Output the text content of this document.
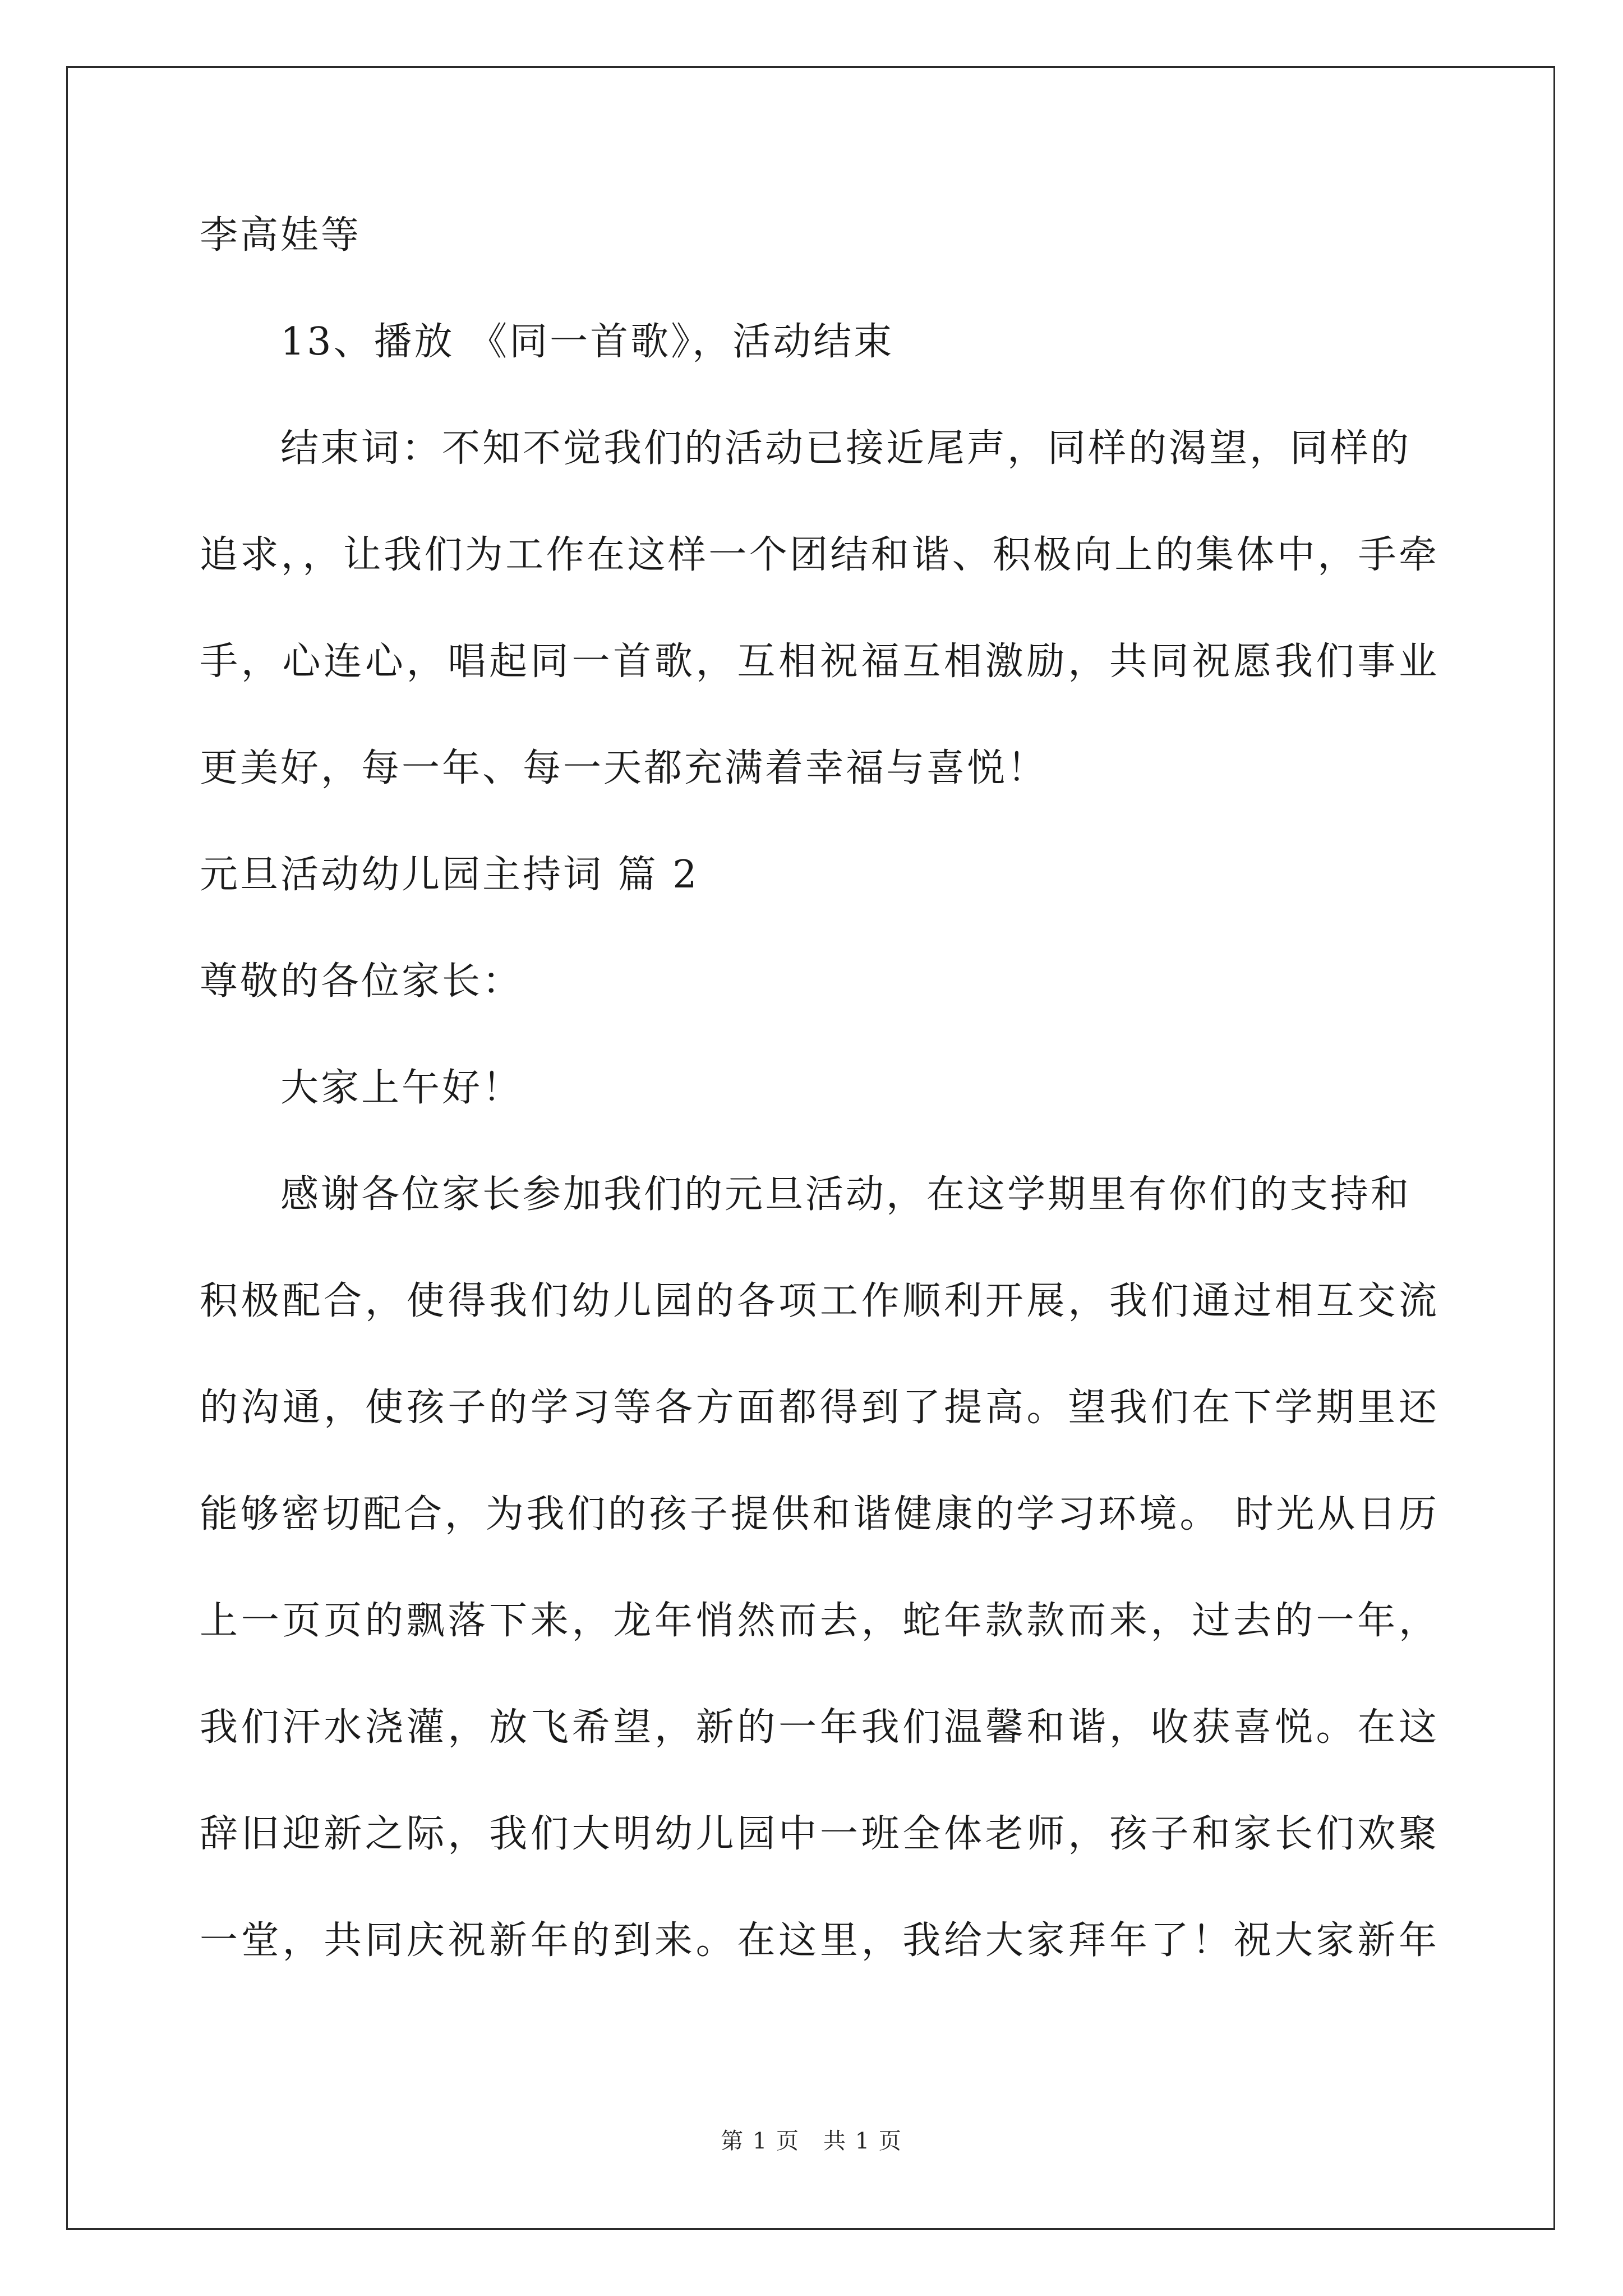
李高娃等
13、播放 《同一首歌》，活动结束
结束词：不知不觉我们的活动已接近尾声，同样的渴望，同样的
追求，，让我们为工作在这样一个团结和谐、积极向上的集体中，手牵
手，心连心，唱起同一首歌，互相祝福互相激励，共同祝愿我们事业
更美好，每一年、每一天都充满着幸福与喜悦！
元旦活动幼儿园主持词 篇 2
尊敬的各位家长：
大家上午好！
感谢各位家长参加我们的元旦活动，在这学期里有你们的支持和
积极配合，使得我们幼儿园的各项工作顺利开展，我们通过相互交流
的沟通，使孩子的学习等各方面都得到了提高。望我们在下学期里还
能够密切配合，为我们的孩子提供和谐健康的学习环境。 时光从日历
上一页页的飘落下来，龙年悄然而去，蛇年款款而来，过去的一年，
我们汗水浇灌，放飞希望，新的一年我们温馨和谐，收获喜悦。在这
辞旧迎新之际，我们大明幼儿园中一班全体老师，孩子和家长们欢聚
一堂，共同庆祝新年的到来。在这里，我给大家拜年了！祝大家新年
第 1 页　共 1 页
